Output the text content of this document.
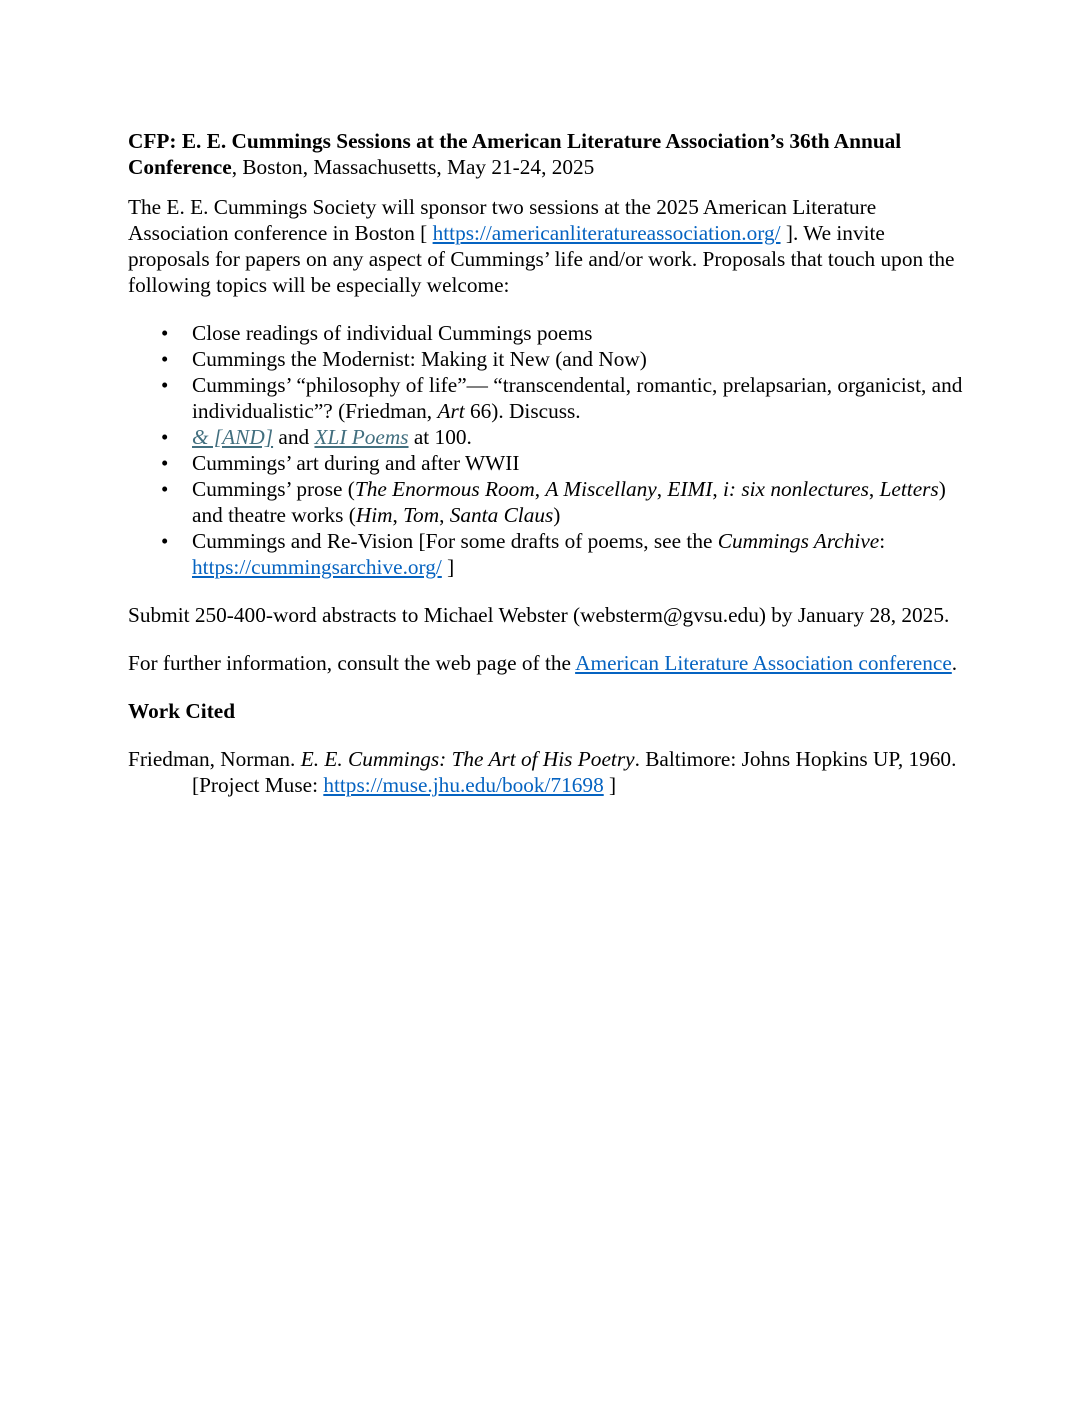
CFP: E. E. Cummings Sessions at the American Literature Association’s 36th Annual Conference, Boston, Massachusetts, May 21-24, 2025

The E. E. Cummings Society will sponsor two sessions at the 2025 American Literature Association conference in Boston [ https://americanliteratureassociation.org/ ]. We invite proposals for papers on any aspect of Cummings’ life and/or work. Proposals that touch upon the following topics will be especially welcome:

• Close readings of individual Cummings poems
• Cummings the Modernist: Making it New (and Now)
• Cummings’ “philosophy of life”— “transcendental, romantic, prelapsarian, organicist, and individualistic”? (Friedman, Art 66). Discuss.
• & [AND] and XLI Poems at 100.
• Cummings’ art during and after WWII
• Cummings’ prose (The Enormous Room, A Miscellany, EIMI, i: six nonlectures, Letters) and theatre works (Him, Tom, Santa Claus)
• Cummings and Re-Vision [For some drafts of poems, see the Cummings Archive: https://cummingsarchive.org/ ]

Submit 250-400-word abstracts to Michael Webster (websterm@gvsu.edu) by January 28, 2025.

For further information, consult the web page of the American Literature Association conference.

Work Cited

Friedman, Norman. E. E. Cummings: The Art of His Poetry. Baltimore: Johns Hopkins UP, 1960. [Project Muse: https://muse.jhu.edu/book/71698 ]
